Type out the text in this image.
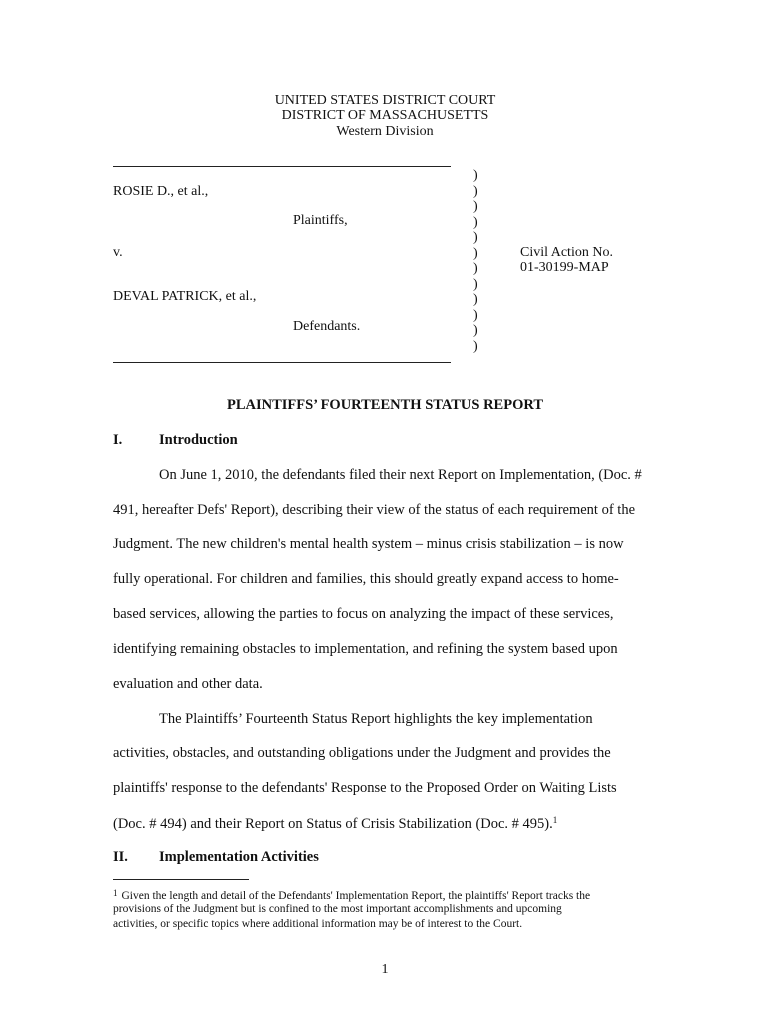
UNITED STATES DISTRICT COURT
DISTRICT OF MASSACHUSETTS
Western Division
ROSIE D., et al.,
Plaintiffs,
v.
DEVAL PATRICK, et al.,
Defendants.
)
)
)
)
)
)
)
)
)
)
)
)
Civil Action No.
01-30199-MAP
PLAINTIFFS’ FOURTEENTH STATUS REPORT
I.	Introduction
On June 1, 2010, the defendants filed their next Report on Implementation, (Doc. #
491, hereafter Defs' Report), describing their view of the status of each requirement of the
Judgment. The new children's mental health system – minus crisis stabilization – is now
fully operational. For children and families, this should greatly expand access to home-
based services, allowing the parties to focus on analyzing the impact of these services,
identifying remaining obstacles to implementation, and refining the system based upon
evaluation and other data.
The Plaintiffs’ Fourteenth Status Report highlights the key implementation
activities, obstacles, and outstanding obligations under the Judgment and provides the
plaintiffs' response to the defendants' Response to the Proposed Order on Waiting Lists
(Doc. # 494) and their Report on Status of Crisis Stabilization (Doc. # 495).$^1$
II. Implementation Activities
$^1$ Given the length and detail of the Defendants' Implementation Report, the plaintiffs' Report tracks the
provisions of the Judgment but is confined to the most important accomplishments and upcoming
activities, or specific topics where additional information may be of interest to the Court.
1
